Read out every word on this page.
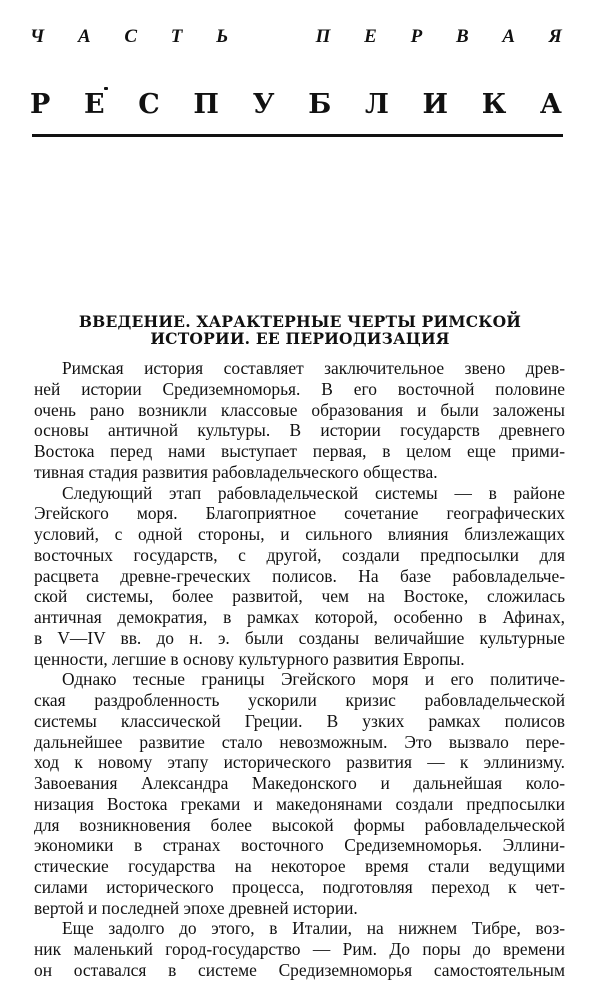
Ч А С Т Ь	П Е Р В А Я
Р Е С П У Б Л И К А
ВВЕДЕНИЕ. ХАРАКТЕРНЫЕ ЧЕРТЫ РИМСКОЙ
ИСТОРИИ. ЕЕ ПЕРИОДИЗАЦИЯ
Римская история составляет заключительное звено древ-
ней истории Средиземноморья. В его восточной половине
очень рано возникли классовые образования и были заложены
основы античной культуры. В истории государств древнего
Востока перед нами выступает первая, в целом еще прими-
тивная стадия развития рабовладельческого общества.
Следующий этап рабовладельческой системы — в районе
Эгейского моря. Благоприятное сочетание географических
условий, с одной стороны, и сильного влияния близлежащих
восточных государств, с другой, создали предпосылки для
расцвета древне-греческих полисов. На базе рабовладельче-
ской системы, более развитой, чем на Востоке, сложилась
античная демократия, в рамках которой, особенно в Афинах,
в V—IV вв. до н. э. были созданы величайшие культурные
ценности, легшие в основу культурного развития Европы.
Однако тесные границы Эгейского моря и его политиче-
ская раздробленность ускорили кризис рабовладельческой
системы классической Греции. В узких рамках полисов
дальнейшее развитие стало невозможным. Это вызвало пере-
ход к новому этапу исторического развития — к эллинизму.
Завоевания Александра Македонского и дальнейшая коло-
низация Востока греками и македонянами создали предпосылки
для возникновения более высокой формы рабовладельческой
экономики в странах восточного Средиземноморья. Эллини-
стические государства на некоторое время стали ведущими
силами исторического процесса, подготовляя переход к чет-
вертой и последней эпохе древней истории.
Еще задолго до этого, в Италии, на нижнем Тибре, воз-
ник маленький город-государство — Рим. До поры до времени
он оставался в системе Средиземноморья самостоятельным
